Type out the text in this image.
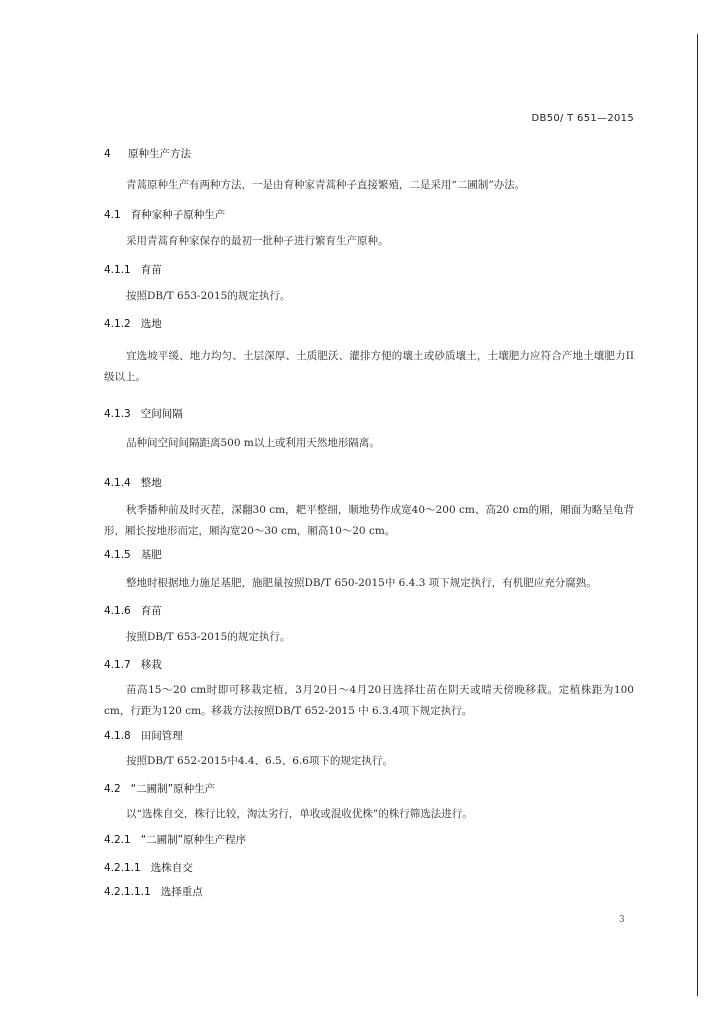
DB50/ T 651—2015
4 原种生产方法
青蒿原种生产有两种方法，一是由育种家青蒿种子直接繁殖，二是采用“二圃制”办法。
4.1 育种家种子原种生产
采用青蒿育种家保存的最初一批种子进行繁育生产原种。
4.1.1 育苗
按照DB/T 653-2015的规定执行。
4.1.2 选地
宜选坡平缓、地力均匀、土层深厚、土质肥沃、灌排方便的壤土或砂质壤土，土壤肥力应符合产地土壤肥力II级以上。
4.1.3 空间间隔
品种间空间间隔距离500 m以上或利用天然地形隔离。
4.1.4 整地
秋季播种前及时灭茬，深翻30 cm，耙平整细，顺地势作成宽40～200 cm、高20 cm的厢，厢面为略呈龟背形，厢长按地形而定，厢沟宽20～30 cm，厢高10～20 cm。
4.1.5 基肥
整地时根据地力施足基肥，施肥量按照DB/T 650-2015中 6.4.3 项下规定执行，有机肥应充分腐熟。
4.1.6 育苗
按照DB/T 653-2015的规定执行。
4.1.7 移栽
苗高15～20 cm时即可移栽定植，3月20日～4月20日选择壮苗在阴天或晴天傍晚移栽。定植株距为100 cm，行距为120 cm。移栽方法按照DB/T 652-2015 中 6.3.4项下规定执行。
4.1.8 田间管理
按照DB/T 652-2015中4.4、6.5、6.6项下的规定执行。
4.2 “二圃制”原种生产
以“选株自交，株行比较，淘汰劣行，单收或混收优株”的株行筛选法进行。
4.2.1 “二圃制”原种生产程序
4.2.1.1 选株自交
4.2.1.1.1 选择重点
3
